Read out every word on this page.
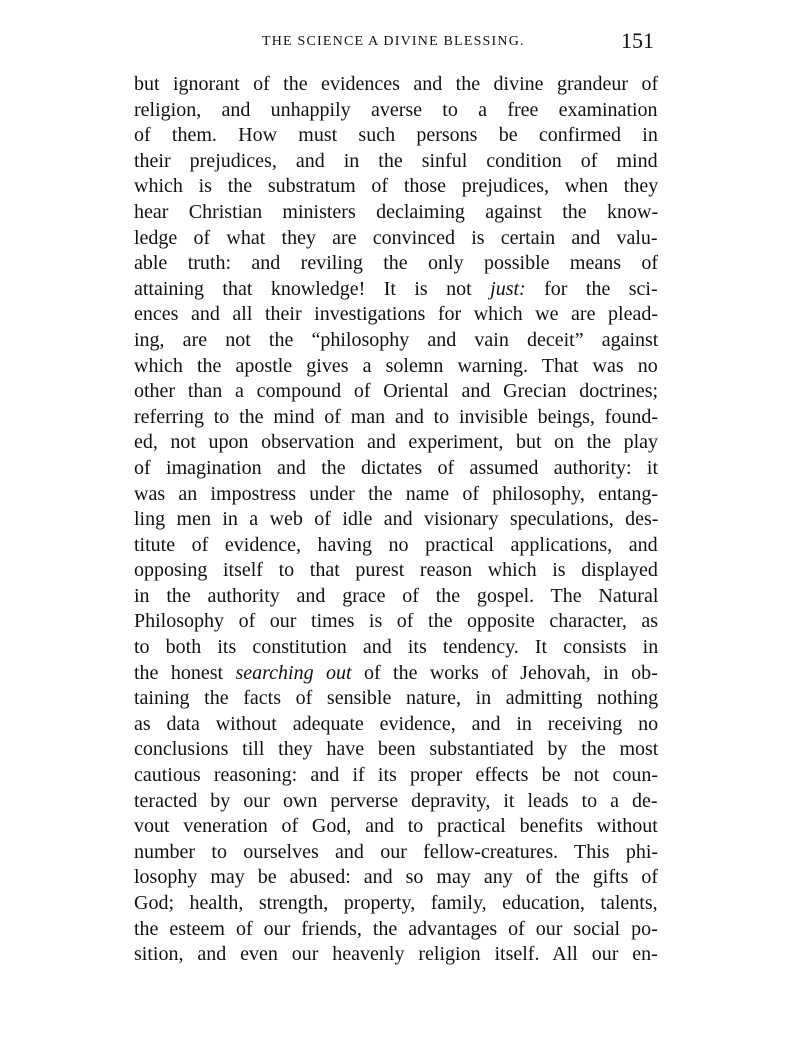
THE SCIENCE A DIVINE BLESSING.	151
but ignorant of the evidences and the divine grandeur of
religion, and unhappily averse to a free examination
of them. How must such persons be confirmed in
their prejudices, and in the sinful condition of mind
which is the substratum of those prejudices, when they
hear Christian ministers declaiming against the know-
ledge of what they are convinced is certain and valu-
able truth: and reviling the only possible means of
attaining that knowledge! It is not just: for the sci-
ences and all their investigations for which we are plead-
ing, are not the “philosophy and vain deceit” against
which the apostle gives a solemn warning. That was no
other than a compound of Oriental and Grecian doctrines;
referring to the mind of man and to invisible beings, found-
ed, not upon observation and experiment, but on the play
of imagination and the dictates of assumed authority: it
was an impostress under the name of philosophy, entang-
ling men in a web of idle and visionary speculations, des-
titute of evidence, having no practical applications, and
opposing itself to that purest reason which is displayed
in the authority and grace of the gospel. The Natural
Philosophy of our times is of the opposite character, as
to both its constitution and its tendency. It consists in
the honest searching out of the works of Jehovah, in ob-
taining the facts of sensible nature, in admitting nothing
as data without adequate evidence, and in receiving no
conclusions till they have been substantiated by the most
cautious reasoning: and if its proper effects be not coun-
teracted by our own perverse depravity, it leads to a de-
vout veneration of God, and to practical benefits without
number to ourselves and our fellow-creatures. This phi-
losophy may be abused: and so may any of the gifts of
God; health, strength, property, family, education, talents,
the esteem of our friends, the advantages of our social po-
sition, and even our heavenly religion itself. All our en-
